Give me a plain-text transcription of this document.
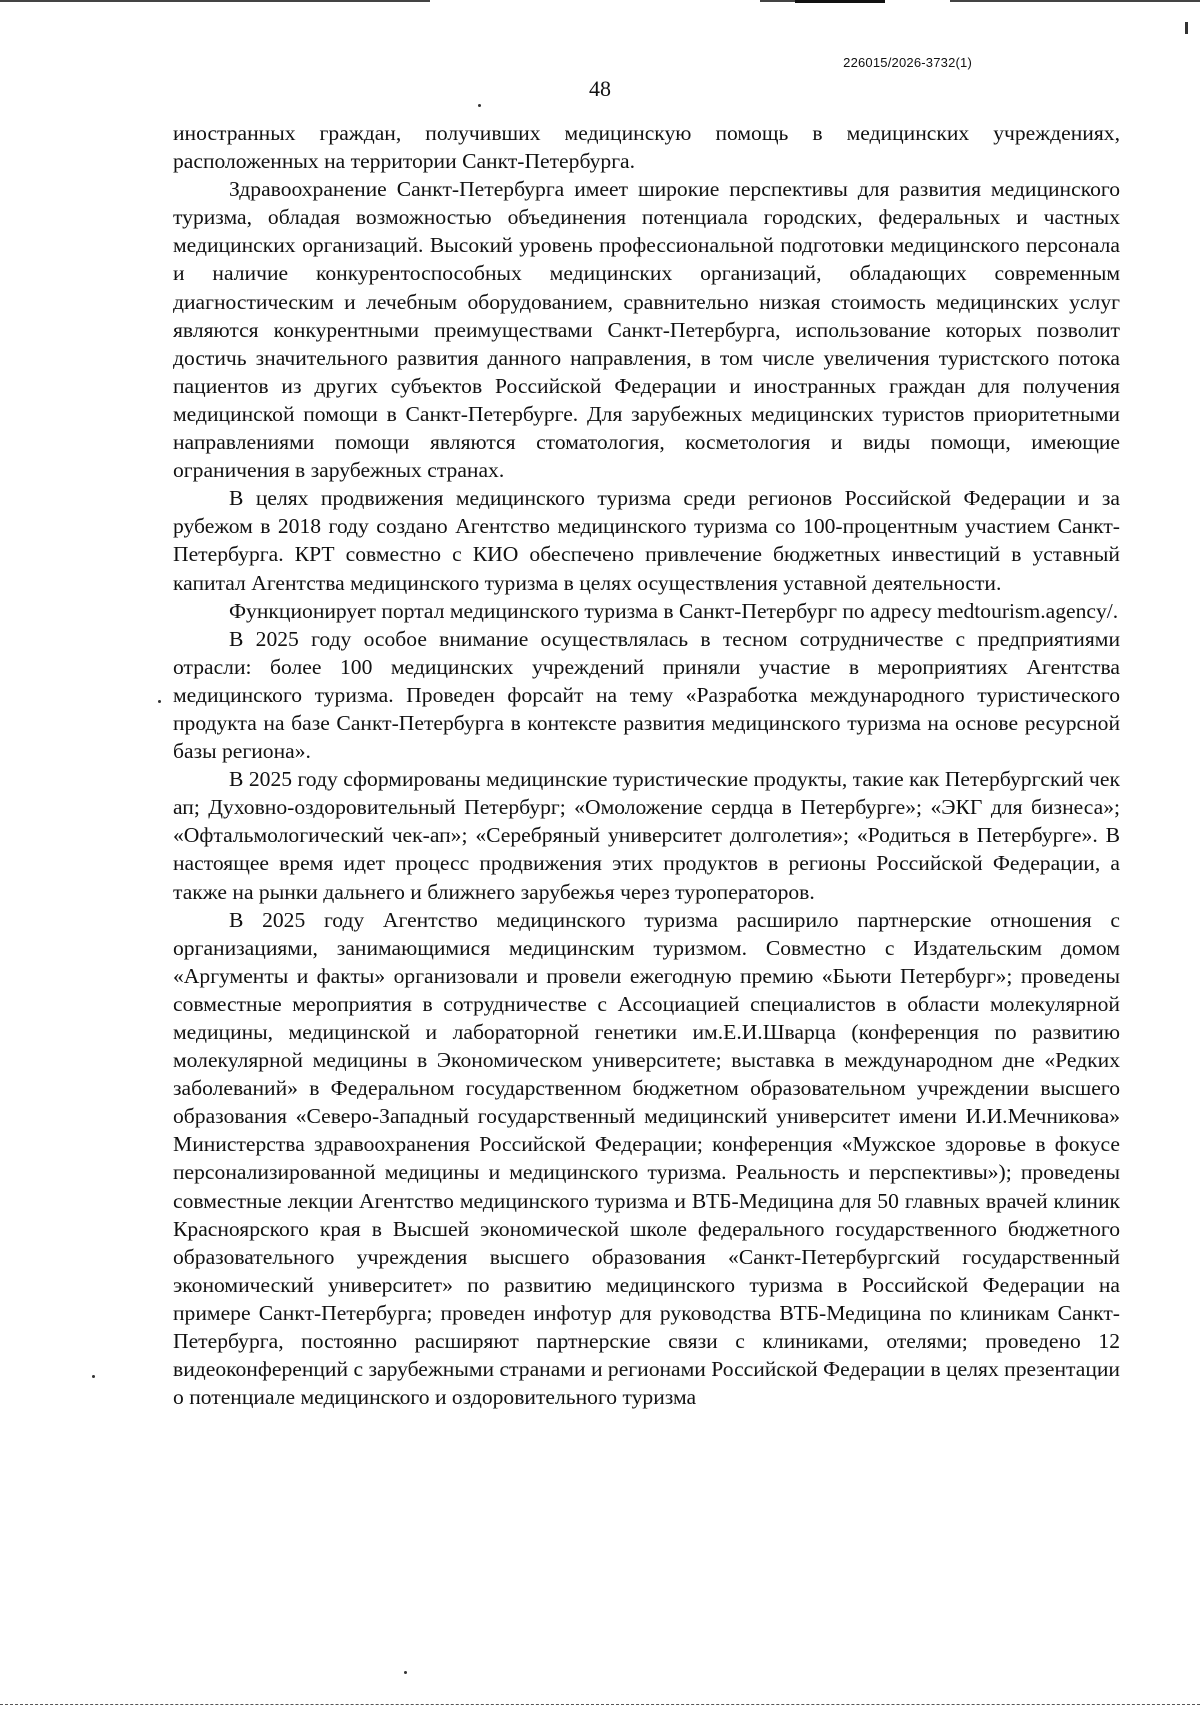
226015/2026-3732(1)
48

иностранных граждан, получивших медицинскую помощь в медицинских учреждениях, расположенных на территории Санкт-Петербурга.

Здравоохранение Санкт-Петербурга имеет широкие перспективы для развития медицинского туризма, обладая возможностью объединения потенциала городских, федеральных и частных медицинских организаций. Высокий уровень профессиональной подготовки медицинского персонала и наличие конкурентоспособных медицинских организаций, обладающих современным диагностическим и лечебным оборудованием, сравнительно низкая стоимость медицинских услуг являются конкурентными преимуществами Санкт-Петербурга, использование которых позволит достичь значительного развития данного направления, в том числе увеличения туристского потока пациентов из других субъектов Российской Федерации и иностранных граждан для получения медицинской помощи в Санкт-Петербурге. Для зарубежных медицинских туристов приоритетными направлениями помощи являются стоматология, косметология и виды помощи, имеющие ограничения в зарубежных странах.

В целях продвижения медицинского туризма среди регионов Российской Федерации и за рубежом в 2018 году создано Агентство медицинского туризма со 100-процентным участием Санкт-Петербурга. КРТ совместно с КИО обеспечено привлечение бюджетных инвестиций в уставный капитал Агентства медицинского туризма в целях осуществления уставной деятельности.

Функционирует портал медицинского туризма в Санкт-Петербург по адресу medtourism.agency/.

В 2025 году особое внимание осуществлялась в тесном сотрудничестве с предприятиями отрасли: более 100 медицинских учреждений приняли участие в мероприятиях Агентства медицинского туризма. Проведен форсайт на тему «Разработка международного туристического продукта на базе Санкт-Петербурга в контексте развития медицинского туризма на основе ресурсной базы региона».

В 2025 году сформированы медицинские туристические продукты, такие как Петербургский чек ап; Духовно-оздоровительный Петербург; «Омоложение сердца в Петербурге»; «ЭКГ для бизнеса»; «Офтальмологический чек-ап»; «Серебряный университет долголетия»; «Родиться в Петербурге». В настоящее время идет процесс продвижения этих продуктов в регионы Российской Федерации, а также на рынки дальнего и ближнего зарубежья через туроператоров.

В 2025 году Агентство медицинского туризма расширило партнерские отношения с организациями, занимающимися медицинским туризмом. Совместно с Издательским домом «Аргументы и факты» организовали и провели ежегодную премию «Бьюти Петербург»; проведены совместные мероприятия в сотрудничестве с Ассоциацией специалистов в области молекулярной медицины, медицинской и лабораторной генетики им.Е.И.Шварца (конференция по развитию молекулярной медицины в Экономическом университете; выставка в международном дне «Редких заболеваний» в Федеральном государственном бюджетном образовательном учреждении высшего образования «Северо-Западный государственный медицинский университет имени И.И.Мечникова» Министерства здравоохранения Российской Федерации; конференция «Мужское здоровье в фокусе персонализированной медицины и медицинского туризма. Реальность и перспективы»); проведены совместные лекции Агентство медицинского туризма и ВТБ-Медицина для 50 главных врачей клиник Красноярского края в Высшей экономической школе федерального государственного бюджетного образовательного учреждения высшего образования «Санкт-Петербургский государственный экономический университет» по развитию медицинского туризма в Российской Федерации на примере Санкт-Петербурга; проведен инфотур для руководства ВТБ-Медицина по клиникам Санкт-Петербурга, постоянно расширяют партнерские связи с клиниками, отелями; проведено 12 видеоконференций с зарубежными странами и регионами Российской Федерации в целях презентации о потенциале медицинского и оздоровительного туризма
